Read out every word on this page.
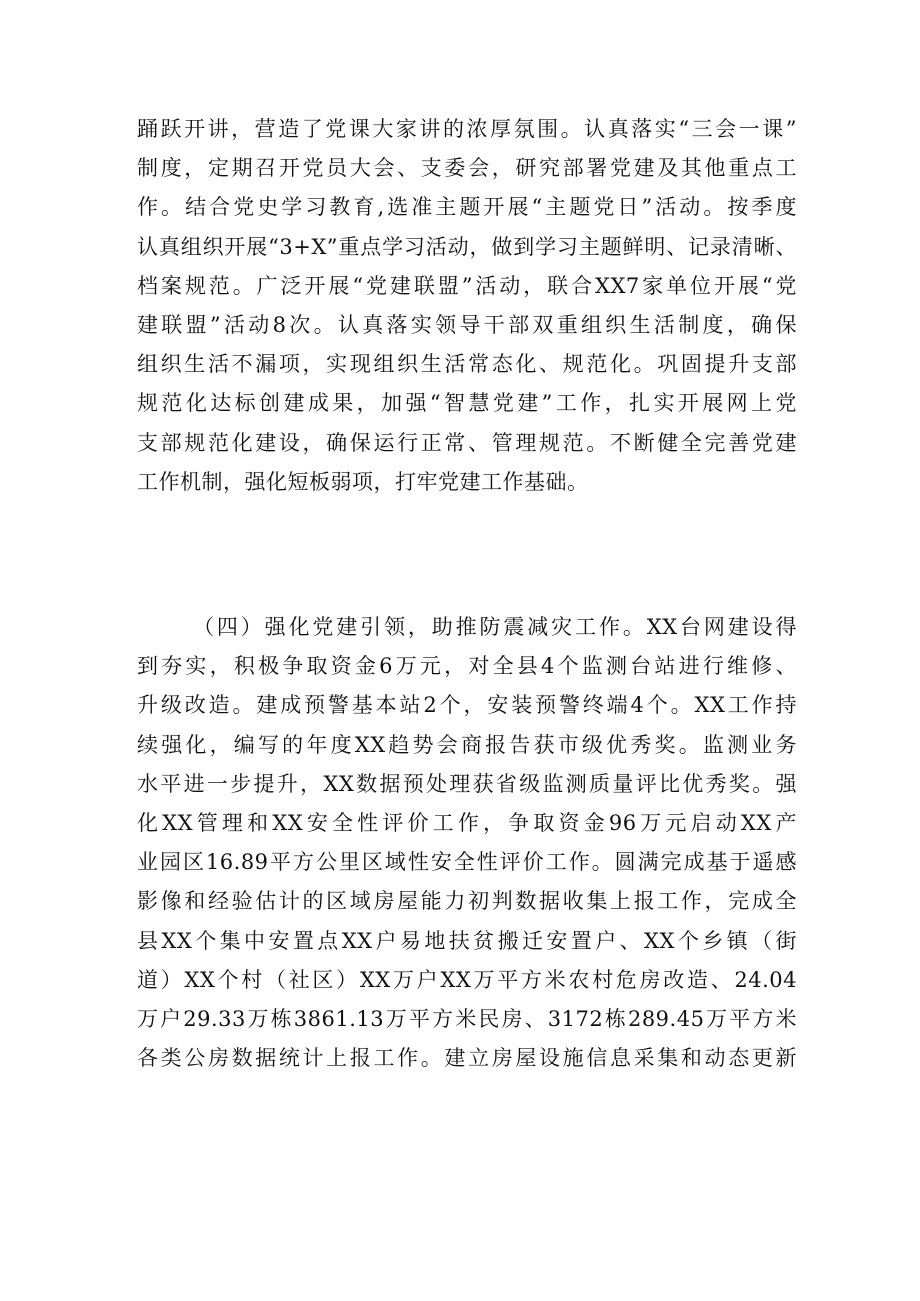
踊跃开讲，营造了党课大家讲的浓厚氛围。认真落实“三会一课”
制度，定期召开党员大会、支委会，研究部署党建及其他重点工
作。结合党史学习教育,选准主题开展“主题党日”活动。按季度
认真组织开展“3+X”重点学习活动，做到学习主题鲜明、记录清晰、
档案规范。广泛开展“党建联盟”活动，联合XX7家单位开展“党
建联盟”活动8次。认真落实领导干部双重组织生活制度，确保
组织生活不漏项，实现组织生活常态化、规范化。巩固提升支部
规范化达标创建成果，加强“智慧党建”工作，扎实开展网上党
支部规范化建设，确保运行正常、管理规范。不断健全完善党建
工作机制，强化短板弱项，打牢党建工作基础。
（四）强化党建引领，助推防震减灾工作。XX台网建设得
到夯实，积极争取资金6万元，对全县4个监测台站进行维修、
升级改造。建成预警基本站2个，安装预警终端4个。XX工作持
续强化，编写的年度XX趋势会商报告获市级优秀奖。监测业务
水平进一步提升，XX数据预处理获省级监测质量评比优秀奖。强
化XX管理和XX安全性评价工作，争取资金96万元启动XX产
业园区16.89平方公里区域性安全性评价工作。圆满完成基于遥感
影像和经验估计的区域房屋能力初判数据收集上报工作，完成全
县XX个集中安置点XX户易地扶贫搬迁安置户、XX个乡镇（街
道）XX个村（社区）XX万户XX万平方米农村危房改造、24.04
万户29.33万栋3861.13万平方米民房、3172栋289.45万平方米
各类公房数据统计上报工作。建立房屋设施信息采集和动态更新
